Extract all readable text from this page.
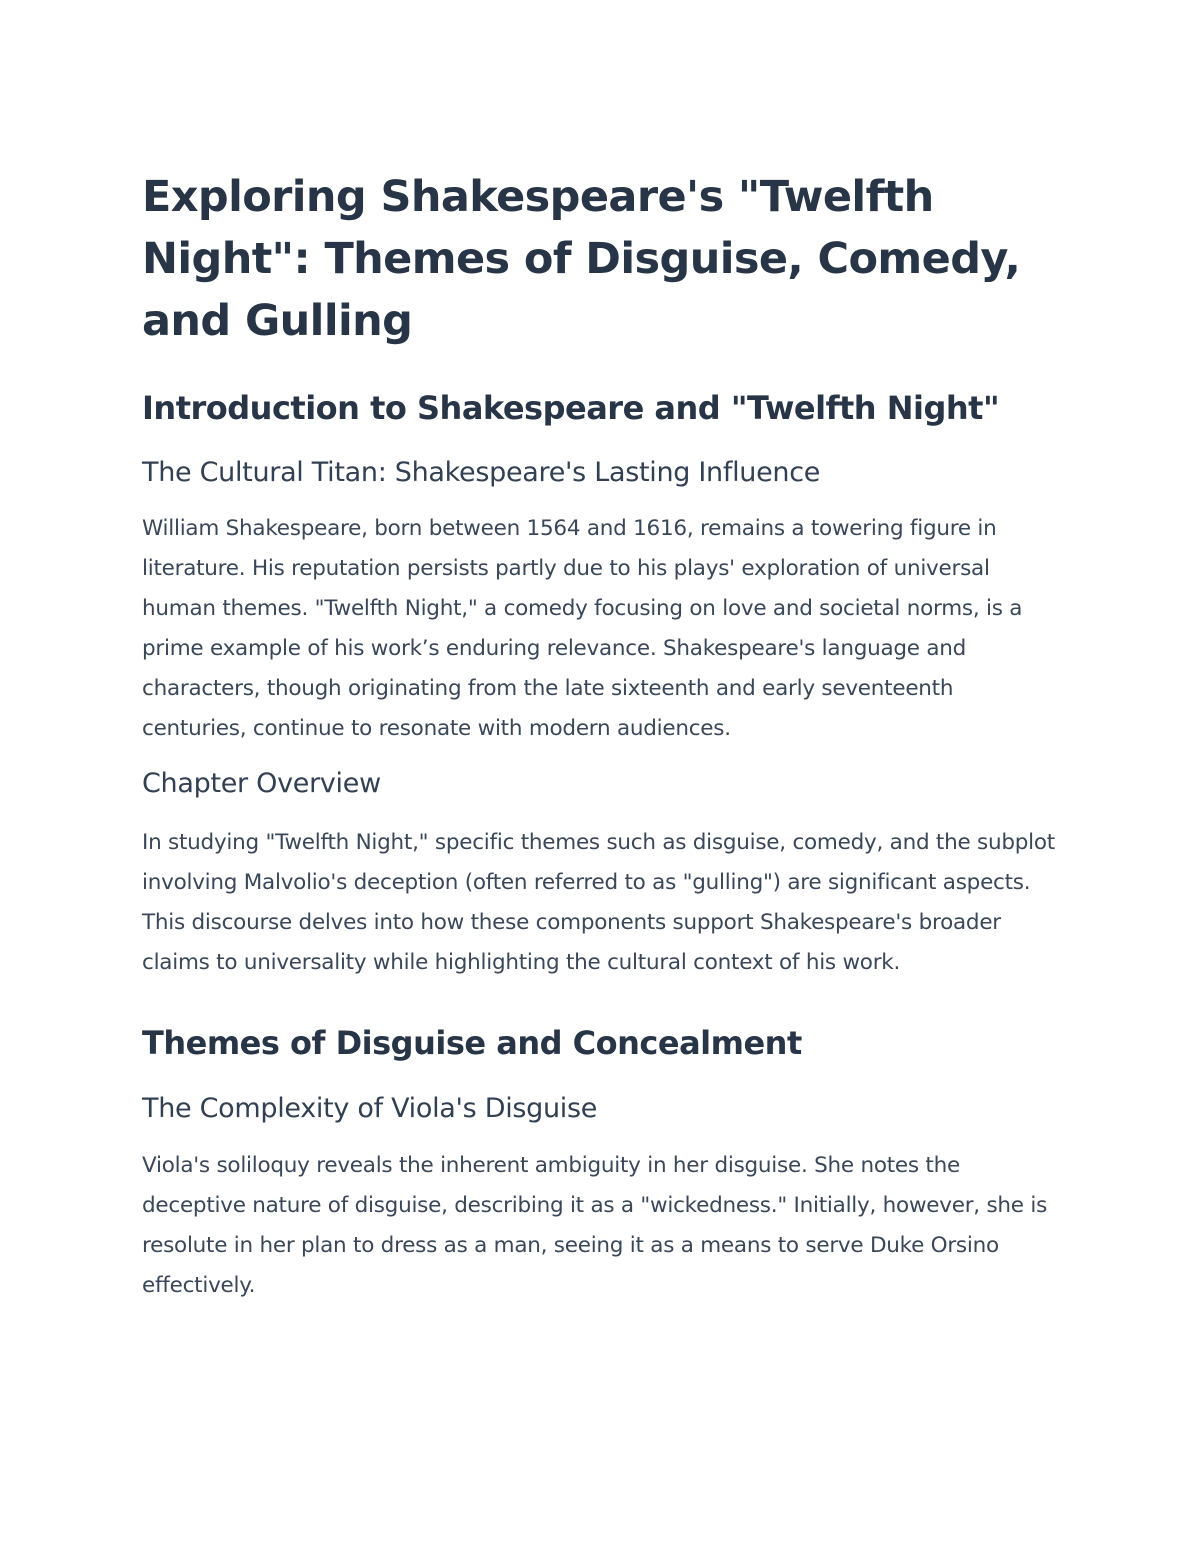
Exploring Shakespeare's "Twelfth Night": Themes of Disguise, Comedy, and Gulling
Introduction to Shakespeare and "Twelfth Night"
The Cultural Titan: Shakespeare's Lasting Influence

William Shakespeare, born between 1564 and 1616, remains a towering figure in literature. His reputation persists partly due to his plays' exploration of universal human themes. "Twelfth Night," a comedy focusing on love and societal norms, is a prime example of his work’s enduring relevance. Shakespeare's language and characters, though originating from the late sixteenth and early seventeenth centuries, continue to resonate with modern audiences.

Chapter Overview

In studying "Twelfth Night," specific themes such as disguise, comedy, and the subplot involving Malvolio's deception (often referred to as "gulling") are significant aspects. This discourse delves into how these components support Shakespeare's broader claims to universality while highlighting the cultural context of his work.

Themes of Disguise and Concealment
The Complexity of Viola's Disguise

Viola's soliloquy reveals the inherent ambiguity in her disguise. She notes the deceptive nature of disguise, describing it as a "wickedness." Initially, however, she is resolute in her plan to dress as a man, seeing it as a means to serve Duke Orsino effectively.
